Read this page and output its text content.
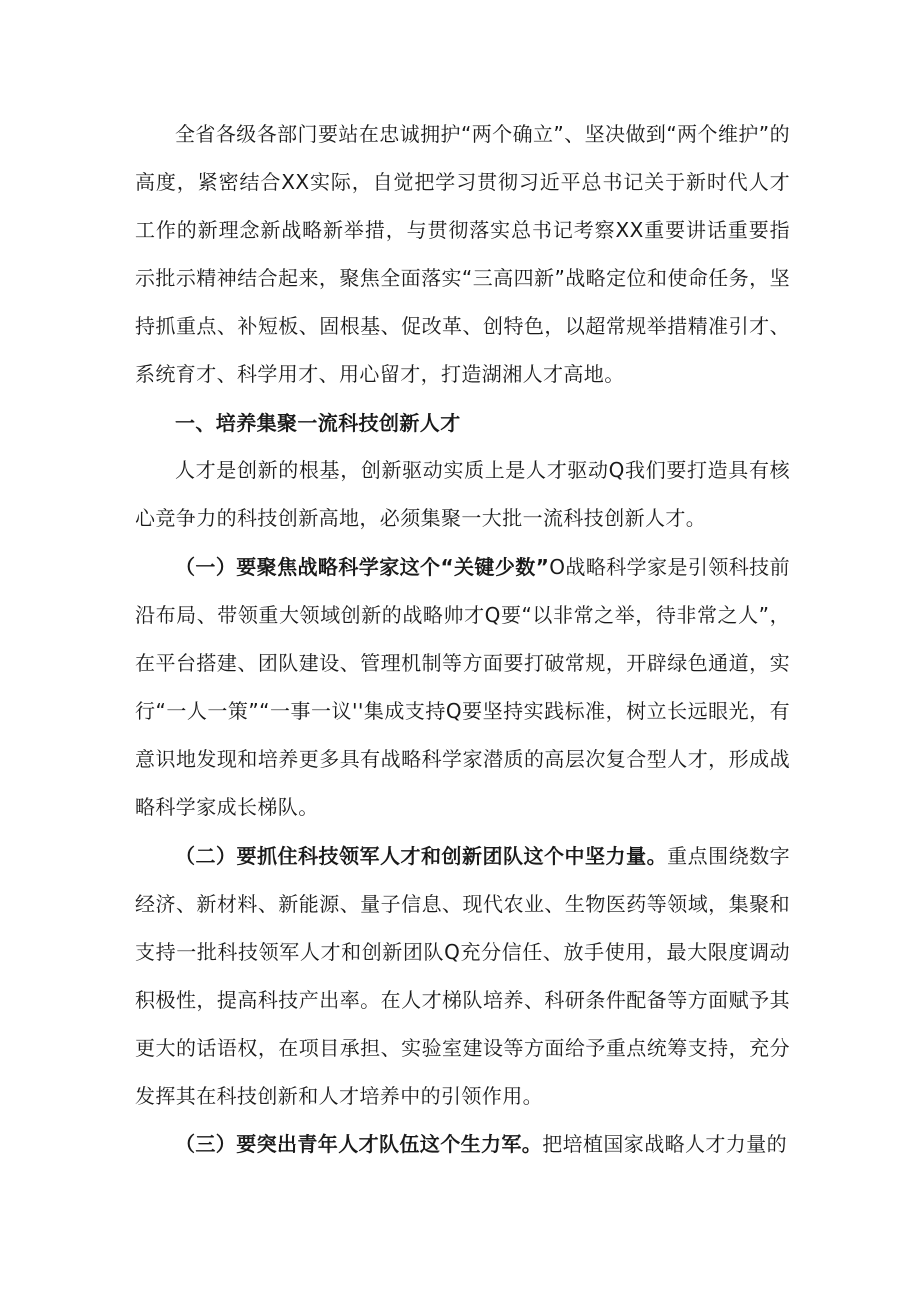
全省各级各部门要站在忠诚拥护“两个确立”、坚决做到“两个维护”的高度，紧密结合XX实际，自觉把学习贯彻习近平总书记关于新时代人才工作的新理念新战略新举措，与贯彻落实总书记考察XX重要讲话重要指示批示精神结合起来，聚焦全面落实“三高四新”战略定位和使命任务，坚持抓重点、补短板、固根基、促改革、创特色，以超常规举措精准引才、系统育才、科学用才、用心留才，打造湖湘人才高地。
一、培养集聚一流科技创新人才
人才是创新的根基，创新驱动实质上是人才驱动Q我们要打造具有核心竞争力的科技创新高地，必须集聚一大批一流科技创新人才。
（一）要聚焦战略科学家这个“关键少数”O战略科学家是引领科技前沿布局、带领重大领域创新的战略帅才Q要“以非常之举，待非常之人”，在平台搭建、团队建设、管理机制等方面要打破常规，开辟绿色通道，实行“一人一策”“一事一议''集成支持Q要坚持实践标准，树立长远眼光，有意识地发现和培养更多具有战略科学家潜质的高层次复合型人才，形成战略科学家成长梯队。
（二）要抓住科技领军人才和创新团队这个中坚力量。重点围绕数字经济、新材料、新能源、量子信息、现代农业、生物医药等领域，集聚和支持一批科技领军人才和创新团队Q充分信任、放手使用，最大限度调动积极性，提高科技产出率。在人才梯队培养、科研条件配备等方面赋予其更大的话语权，在项目承担、实验室建设等方面给予重点统筹支持，充分发挥其在科技创新和人才培养中的引领作用。
（三）要突出青年人才队伍这个生力军。把培植国家战略人才力量的
